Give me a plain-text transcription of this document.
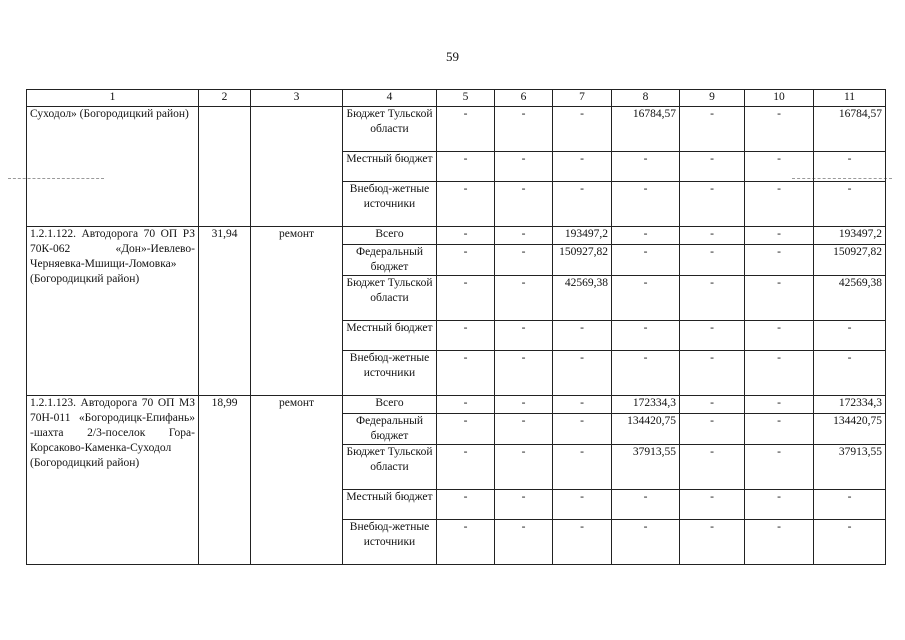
59
1	2	3	4	5	6	7	8	9	10	11
Суходол» (Богородицкий район)			Бюджет Тульской области	-	-	-	16784,57	-	-	16784,57
			Местный бюджет	-	-	-	-	-	-	-
			Внебюд-жетные источники	-	-	-	-	-	-	-
1.2.1.122. Автодорога 70 ОП РЗ 70К-062 «Дон»-Иевлево-Черняевка-Мшищи-Ломовка» (Богородицкий район)	31,94	ремонт	Всего	-	-	193497,2	-	-	-	193497,2
			Федеральный бюджет	-	-	150927,82	-	-	-	150927,82
			Бюджет Тульской области	-	-	42569,38	-	-	-	42569,38
			Местный бюджет	-	-	-	-	-	-	-
			Внебюд-жетные источники	-	-	-	-	-	-	-
1.2.1.123. Автодорога 70 ОП МЗ 70Н-011 «Богородицк-Епифань» -шахта 2/3-поселок Гора-Корсаково-Каменка-Суходол (Богородицкий район)	18,99	ремонт	Всего	-	-	-	172334,3	-	-	172334,3
			Федеральный бюджет	-	-	-	134420,75	-	-	134420,75
			Бюджет Тульской области	-	-	-	37913,55	-	-	37913,55
			Местный бюджет	-	-	-	-	-	-	-
			Внебюд-жетные источники	-	-	-	-	-	-	-
